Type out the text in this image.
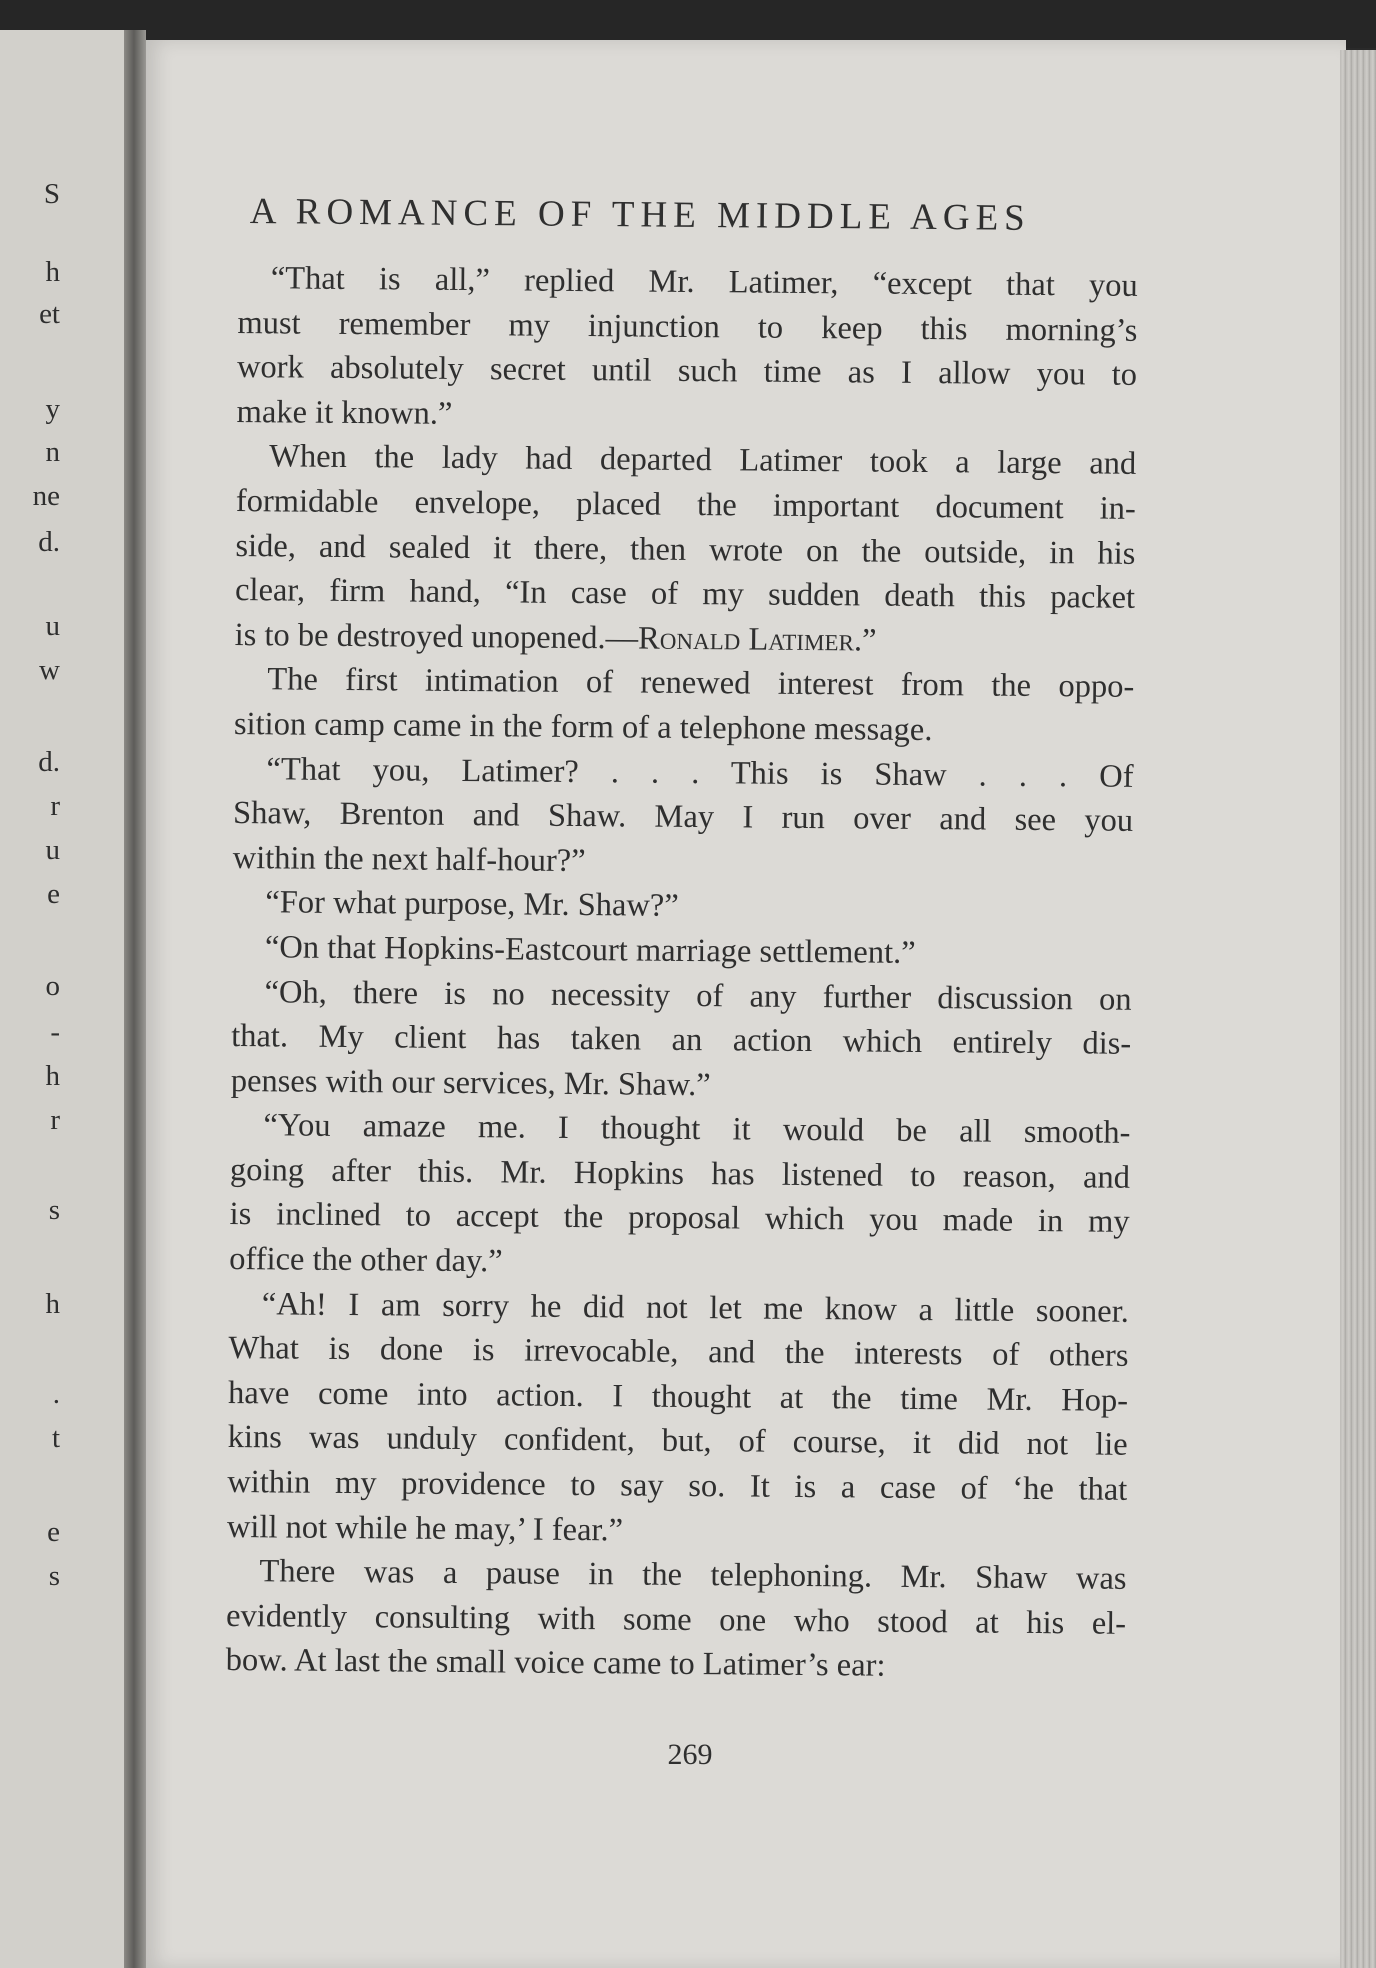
S
h
et
y
n
ne
d.
u
w
d.
r
u
e
o
-
h
r
s
h
.
t
e
s
A ROMANCE OF THE MIDDLE AGES
“That is all,” replied Mr. Latimer, “except that you
must remember my injunction to keep this morning’s
work absolutely secret until such time as I allow you to
make it known.”
When the lady had departed Latimer took a large and
formidable envelope, placed the important document in-
side, and sealed it there, then wrote on the outside, in his
clear, firm hand, “In case of my sudden death this packet
is to be destroyed unopened.—Ronald Latimer.”
The first intimation of renewed interest from the oppo-
sition camp came in the form of a telephone message.
“That you, Latimer? . . . This is Shaw . . . Of
Shaw, Brenton and Shaw. May I run over and see you
within the next half-hour?”
“For what purpose, Mr. Shaw?”
“On that Hopkins-Eastcourt marriage settlement.”
“Oh, there is no necessity of any further discussion on
that. My client has taken an action which entirely dis-
penses with our services, Mr. Shaw.”
“You amaze me. I thought it would be all smooth-
going after this. Mr. Hopkins has listened to reason, and
is inclined to accept the proposal which you made in my
office the other day.”
“Ah! I am sorry he did not let me know a little sooner.
What is done is irrevocable, and the interests of others
have come into action. I thought at the time Mr. Hop-
kins was unduly confident, but, of course, it did not lie
within my providence to say so. It is a case of ‘he that
will not while he may,’ I fear.”
There was a pause in the telephoning. Mr. Shaw was
evidently consulting with some one who stood at his el-
bow. At last the small voice came to Latimer’s ear:
269
